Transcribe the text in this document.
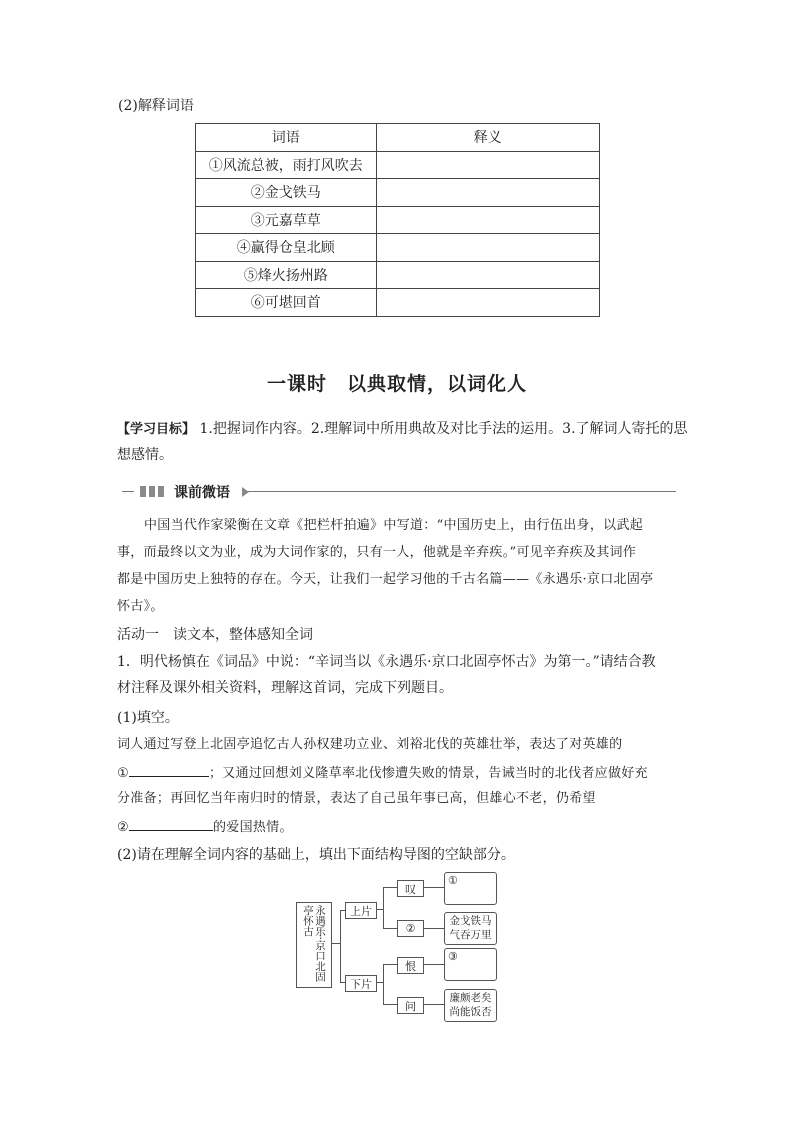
(2)解释词语
词语	释义
①风流总被，雨打风吹去	
②金戈铁马	
③元嘉草草	
④赢得仓皇北顾	
⑤烽火扬州路	
⑥可堪回首	
一课时　以典取情，以词化人
【学习目标】 1.把握词作内容。2.理解词中所用典故及对比手法的运用。3.了解词人寄托的思
想感情。
课前微语
中国当代作家梁衡在文章《把栏杆拍遍》中写道：“中国历史上，由行伍出身，以武起
事，而最终以文为业，成为大词作家的，只有一人，他就是辛弃疾。”可见辛弃疾及其词作
都是中国历史上独特的存在。今天，让我们一起学习他的千古名篇——《永遇乐·京口北固亭
怀古》。
活动一　读文本，整体感知全词
1．明代杨慎在《词品》中说：“辛词当以《永遇乐·京口北固亭怀古》为第一。”请结合教
材注释及课外相关资料，理解这首词，完成下列题目。
(1)填空。
词人通过写登上北固亭追忆古人孙权建功立业、刘裕北伐的英雄壮举，表达了对英雄的
①	；又通过回想刘义隆草率北伐惨遭失败的情景，告诫当时的北伐者应做好充
分准备；再回忆当年南归时的情景，表达了自己虽年事已高，但雄心不老，仍希望
②	的爱国热情。
(2)请在理解全词内容的基础上，填出下面结构导图的空缺部分。
永遇乐·京口北固亭怀古	上片
下片
叹
②
恨
问
①
金戈铁马
气吞万里
③
廉颇老矣
尚能饭否
